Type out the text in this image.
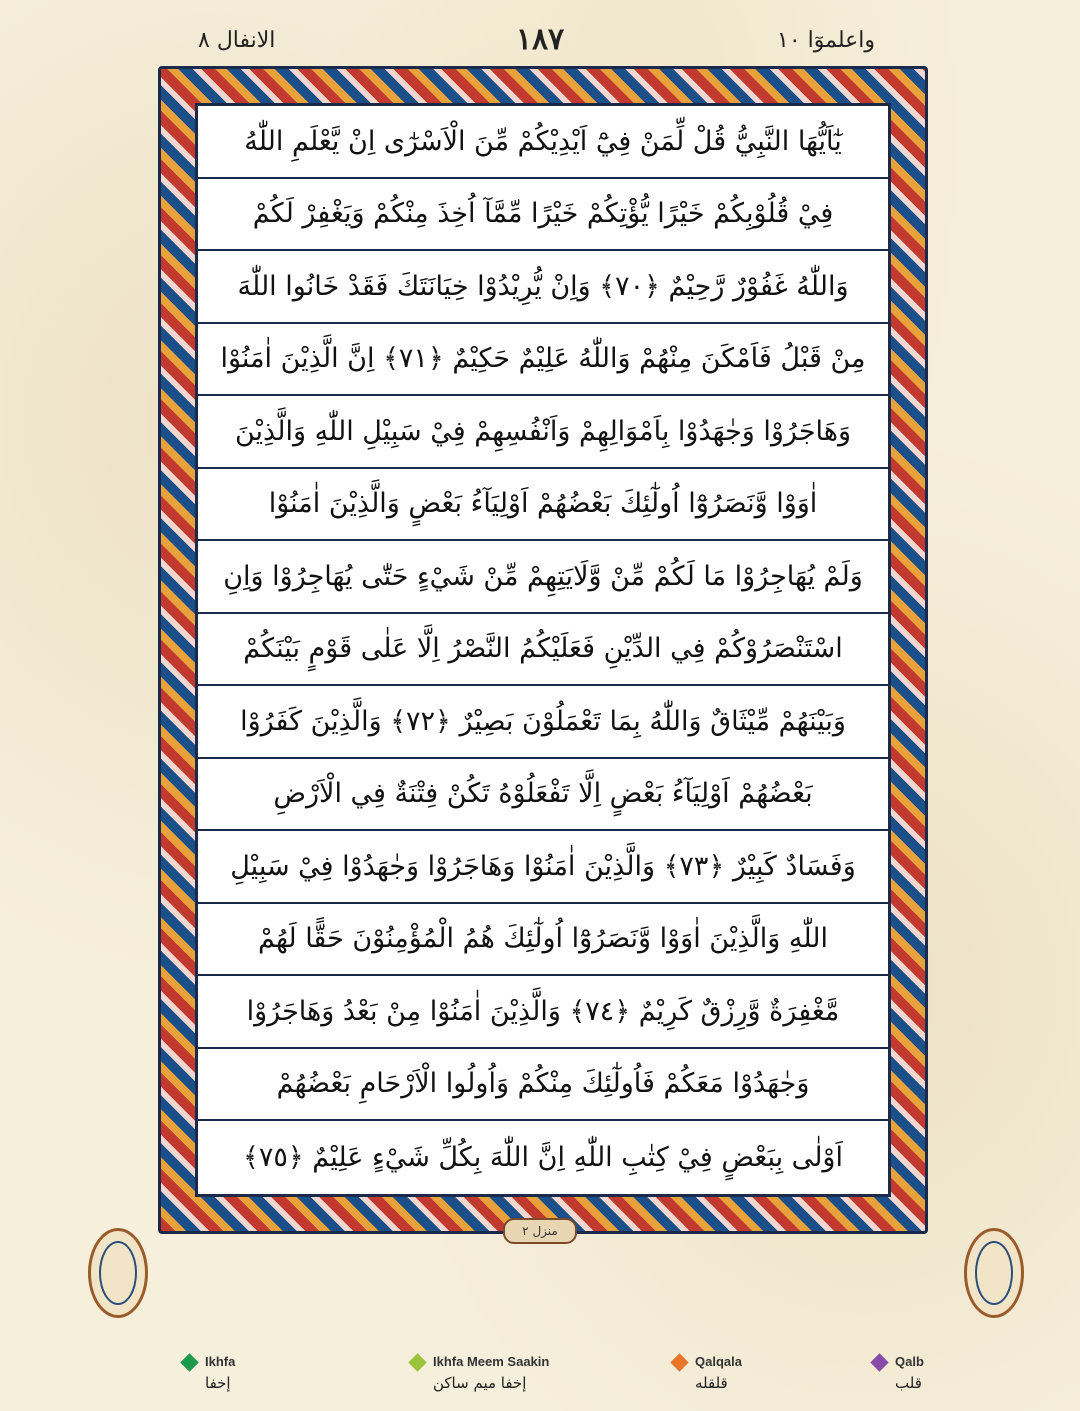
الانفال ٨	١٨٧	واعلموٓا ١٠
يٰٓاَيُّهَا النَّبِيُّ قُلْ لِّمَنْ فِيْٓ اَيْدِيْكُمْ مِّنَ الْاَسْرٰٓى اِنْ يَّعْلَمِ اللّٰهُ
فِيْ قُلُوْبِكُمْ خَيْرًا يُّؤْتِكُمْ خَيْرًا مِّمَّآ اُخِذَ مِنْكُمْ وَيَغْفِرْ لَكُمْ
وَاللّٰهُ غَفُوْرٌ رَّحِيْمٌ ﴿٧٠﴾ وَاِنْ يُّرِيْدُوْا خِيَانَتَكَ فَقَدْ خَانُوا اللّٰهَ
مِنْ قَبْلُ فَاَمْكَنَ مِنْهُمْ وَاللّٰهُ عَلِيْمٌ حَكِيْمٌ ﴿٧١﴾ اِنَّ الَّذِيْنَ اٰمَنُوْا
وَهَاجَرُوْا وَجٰهَدُوْا بِاَمْوَالِهِمْ وَاَنْفُسِهِمْ فِيْ سَبِيْلِ اللّٰهِ وَالَّذِيْنَ
اٰوَوْا وَّنَصَرُوْٓا اُولٰٓئِكَ بَعْضُهُمْ اَوْلِيَآءُ بَعْضٍ وَالَّذِيْنَ اٰمَنُوْا
وَلَمْ يُهَاجِرُوْا مَا لَكُمْ مِّنْ وَّلَايَتِهِمْ مِّنْ شَيْءٍ حَتّٰى يُهَاجِرُوْا وَاِنِ
اسْتَنْصَرُوْكُمْ فِي الدِّيْنِ فَعَلَيْكُمُ النَّصْرُ اِلَّا عَلٰى قَوْمٍ بَيْنَكُمْ
وَبَيْنَهُمْ مِّيْثَاقٌ وَاللّٰهُ بِمَا تَعْمَلُوْنَ بَصِيْرٌ ﴿٧٢﴾ وَالَّذِيْنَ كَفَرُوْا
بَعْضُهُمْ اَوْلِيَآءُ بَعْضٍ اِلَّا تَفْعَلُوْهُ تَكُنْ فِتْنَةٌ فِي الْاَرْضِ
وَفَسَادٌ كَبِيْرٌ ﴿٧٣﴾ وَالَّذِيْنَ اٰمَنُوْا وَهَاجَرُوْا وَجٰهَدُوْا فِيْ سَبِيْلِ
اللّٰهِ وَالَّذِيْنَ اٰوَوْا وَّنَصَرُوْٓا اُولٰٓئِكَ هُمُ الْمُؤْمِنُوْنَ حَقًّا لَهُمْ
مَّغْفِرَةٌ وَّرِزْقٌ كَرِيْمٌ ﴿٧٤﴾ وَالَّذِيْنَ اٰمَنُوْا مِنْ بَعْدُ وَهَاجَرُوْا
وَجٰهَدُوْا مَعَكُمْ فَاُولٰٓئِكَ مِنْكُمْ وَاُولُوا الْاَرْحَامِ بَعْضُهُمْ
اَوْلٰى بِبَعْضٍ فِيْ كِتٰبِ اللّٰهِ اِنَّ اللّٰهَ بِكُلِّ شَيْءٍ عَلِيْمٌ ﴿٧٥﴾
منزل ٢
Ikhfa
إخفا
Ikhfa Meem Saakin
إخفا ميم ساكن
Qalqala
قلقله
Qalb
قلب
